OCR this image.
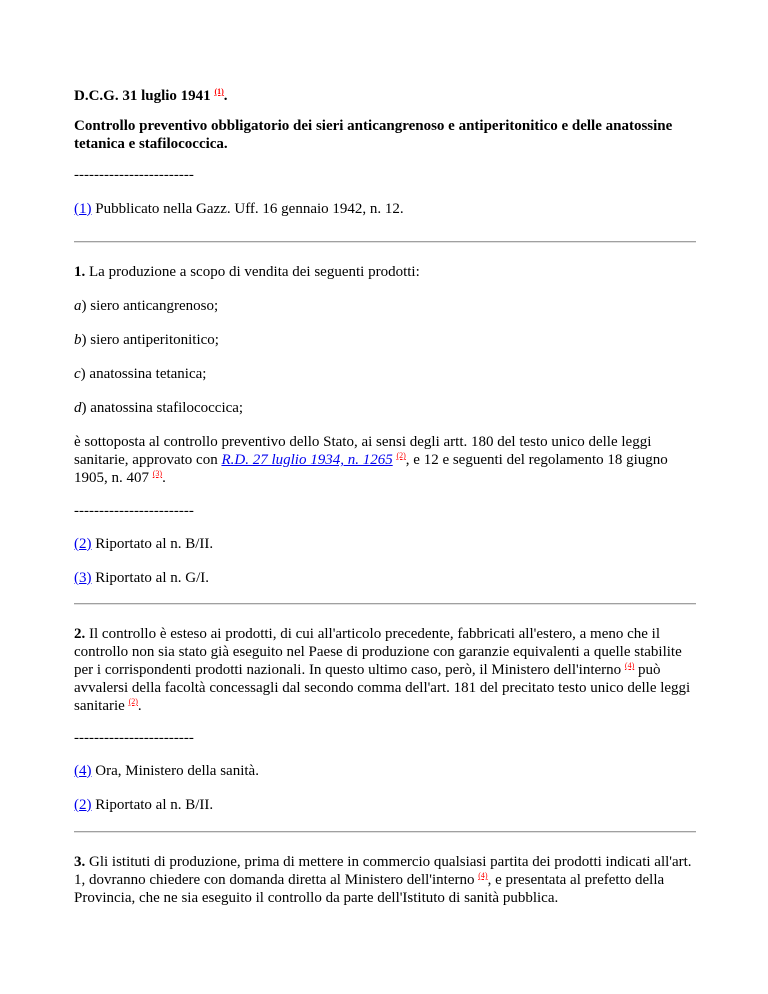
D.C.G. 31 luglio 1941 $^{(1)}$.

Controllo preventivo obbligatorio dei sieri anticangrenoso e antiperitonitico e delle anatossine tetanica e stafilococcica.

------------------------

(1) Pubblicato nella Gazz. Uff. 16 gennaio 1942, n. 12.

1. La produzione a scopo di vendita dei seguenti prodotti:

a) siero anticangrenoso;

b) siero antiperitonitico;

c) anatossina tetanica;

d) anatossina stafilococcica;

è sottoposta al controllo preventivo dello Stato, ai sensi degli artt. 180 del testo unico delle leggi sanitarie, approvato con R.D. 27 luglio 1934, n. 1265 $^{(2)}$, e 12 e seguenti del regolamento 18 giugno 1905, n. 407 $^{(3)}$.

------------------------

(2) Riportato al n. B/II.

(3) Riportato al n. G/I.

2. Il controllo è esteso ai prodotti, di cui all'articolo precedente, fabbricati all'estero, a meno che il controllo non sia stato già eseguito nel Paese di produzione con garanzie equivalenti a quelle stabilite per i corrispondenti prodotti nazionali. In questo ultimo caso, però, il Ministero dell'interno $^{(4)}$ può avvalersi della facoltà concessagli dal secondo comma dell'art. 181 del precitato testo unico delle leggi sanitarie $^{(2)}$.

------------------------

(4) Ora, Ministero della sanità.

(2) Riportato al n. B/II.

3. Gli istituti di produzione, prima di mettere in commercio qualsiasi partita dei prodotti indicati all'art. 1, dovranno chiedere con domanda diretta al Ministero dell'interno $^{(4)}$, e presentata al prefetto della Provincia, che ne sia eseguito il controllo da parte dell'Istituto di sanità pubblica.
